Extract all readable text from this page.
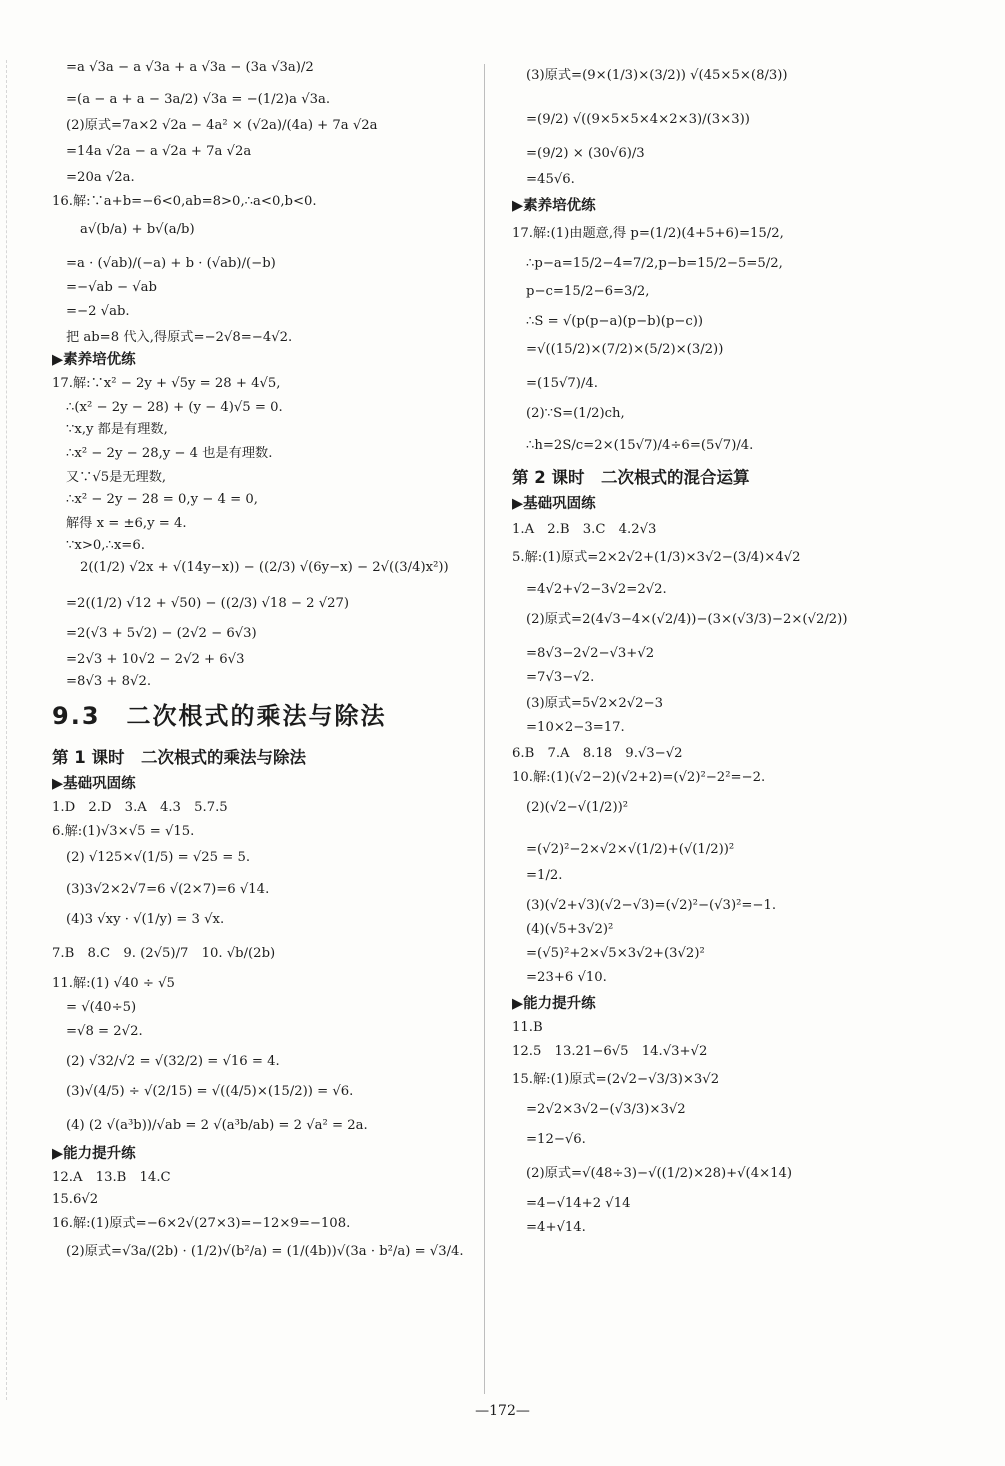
=a √3a − a √3a + a √3a − (3a √3a)/2
=(a − a + a − 3a/2) √3a = −(1/2)a √3a.
(2)原式=7a×2 √2a − 4a² × (√2a)/(4a) + 7a √2a
=14a √2a − a √2a + 7a √2a
=20a √2a.
16.解:∵a+b=−6<0,ab=8>0,∴a<0,b<0.
a√(b/a) + b√(a/b)
=a · (√ab)/(−a) + b · (√ab)/(−b)
=−√ab − √ab
=−2 √ab.
把 ab=8 代入,得原式=−2√8=−4√2.
▶素养培优练
17.解:∵x² − 2y + √5y = 28 + 4√5,
∴(x² − 2y − 28) + (y − 4)√5 = 0.
∵x,y 都是有理数,
∴x² − 2y − 28,y − 4 也是有理数.
又∵√5是无理数,
∴x² − 2y − 28 = 0,y − 4 = 0,
解得 x = ±6,y = 4.
∵x>0,∴x=6.
2((1/2) √2x + √(14y−x)) − ((2/3) √(6y−x) − 2√((3/4)x²))
=2((1/2) √12 + √50) − ((2/3) √18 − 2 √27)
=2(√3 + 5√2) − (2√2 − 6√3)
=2√3 + 10√2 − 2√2 + 6√3
=8√3 + 8√2.
9.3　二次根式的乘法与除法
第 1 课时　二次根式的乘法与除法
▶基础巩固练
1.D　2.D　3.A　4.3　5.7.5
6.解:(1)√3×√5 = √15.
(2) √125×√(1/5) = √25 = 5.
(3)3√2×2√7=6 √(2×7)=6 √14.
(4)3 √xy · √(1/y) = 3 √x.
7.B　8.C　9. (2√5)/7　10. √b/(2b)
11.解:(1) √40 ÷ √5
= √(40÷5)
=√8 = 2√2.
(2) √32/√2 = √(32/2) = √16 = 4.
(3)√(4/5) ÷ √(2/15) = √((4/5)×(15/2)) = √6.
(4) (2 √(a³b))/√ab = 2 √(a³b/ab) = 2 √a² = 2a.
▶能力提升练
12.A　13.B　14.C
15.6√2
16.解:(1)原式=−6×2√(27×3)=−12×9=−108.
(2)原式=√3a/(2b) · (1/2)√(b²/a) = (1/(4b))√(3a · b²/a) = √3/4.
(3)原式=(9×(1/3)×(3/2)) √(45×5×(8/3))
=(9/2) √((9×5×5×4×2×3)/(3×3))
=(9/2) × (30√6)/3
=45√6.
▶素养培优练
17.解:(1)由题意,得 p=(1/2)(4+5+6)=15/2,
∴p−a=15/2−4=7/2,p−b=15/2−5=5/2,
p−c=15/2−6=3/2,
∴S = √(p(p−a)(p−b)(p−c))
=√((15/2)×(7/2)×(5/2)×(3/2))
=(15√7)/4.
(2)∵S=(1/2)ch,
∴h=2S/c=2×(15√7)/4÷6=(5√7)/4.
第 2 课时　二次根式的混合运算
▶基础巩固练
1.A　2.B　3.C　4.2√3
5.解:(1)原式=2×2√2+(1/3)×3√2−(3/4)×4√2
=4√2+√2−3√2=2√2.
(2)原式=2(4√3−4×(√2/4))−(3×(√3/3)−2×(√2/2))
=8√3−2√2−√3+√2
=7√3−√2.
(3)原式=5√2×2√2−3
=10×2−3=17.
6.B　7.A　8.18　9.√3−√2
10.解:(1)(√2−2)(√2+2)=(√2)²−2²=−2.
(2)(√2−√(1/2))²
=(√2)²−2×√2×√(1/2)+(√(1/2))²
=1/2.
(3)(√2+√3)(√2−√3)=(√2)²−(√3)²=−1.
(4)(√5+3√2)²
=(√5)²+2×√5×3√2+(3√2)²
=23+6 √10.
▶能力提升练
11.B
12.5　13.21−6√5　14.√3+√2
15.解:(1)原式=(2√2−√3/3)×3√2
=2√2×3√2−(√3/3)×3√2
=12−√6.
(2)原式=√(48÷3)−√((1/2)×28)+√(4×14)
=4−√14+2 √14
=4+√14.
—172—
